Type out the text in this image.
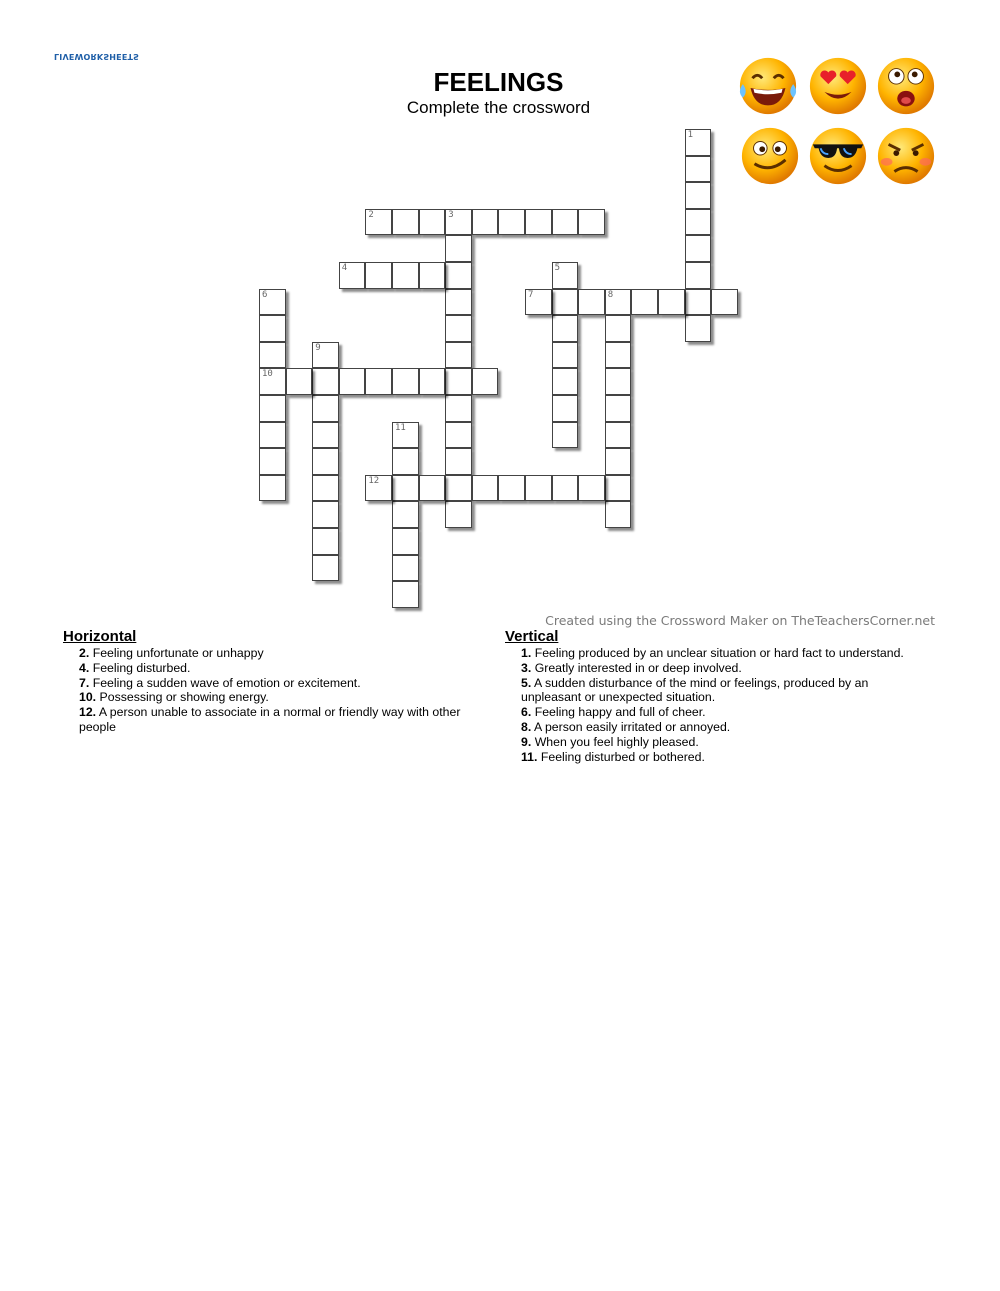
LIVEWORKSHEETS
FEELINGS
Complete the crossword
1
2	3
4	5
6
10
7	8
9
11
12
Created using the Crossword Maker on TheTeachersCorner.net
Horizontal
2. Feeling unfortunate or unhappy
4. Feeling disturbed.
7. Feeling a sudden wave of emotion or excitement.
10. Possessing or showing energy.
12. A person unable to associate in a normal or friendly way with other people
Vertical
1. Feeling produced by an unclear situation or hard fact to understand.
3. Greatly interested in or deep involved.
5. A sudden disturbance of the mind or feelings, produced by an unpleasant or unexpected situation.
6. Feeling happy and full of cheer.
8. A person easily irritated or annoyed.
9. When you feel highly pleased.
11. Feeling disturbed or bothered.
